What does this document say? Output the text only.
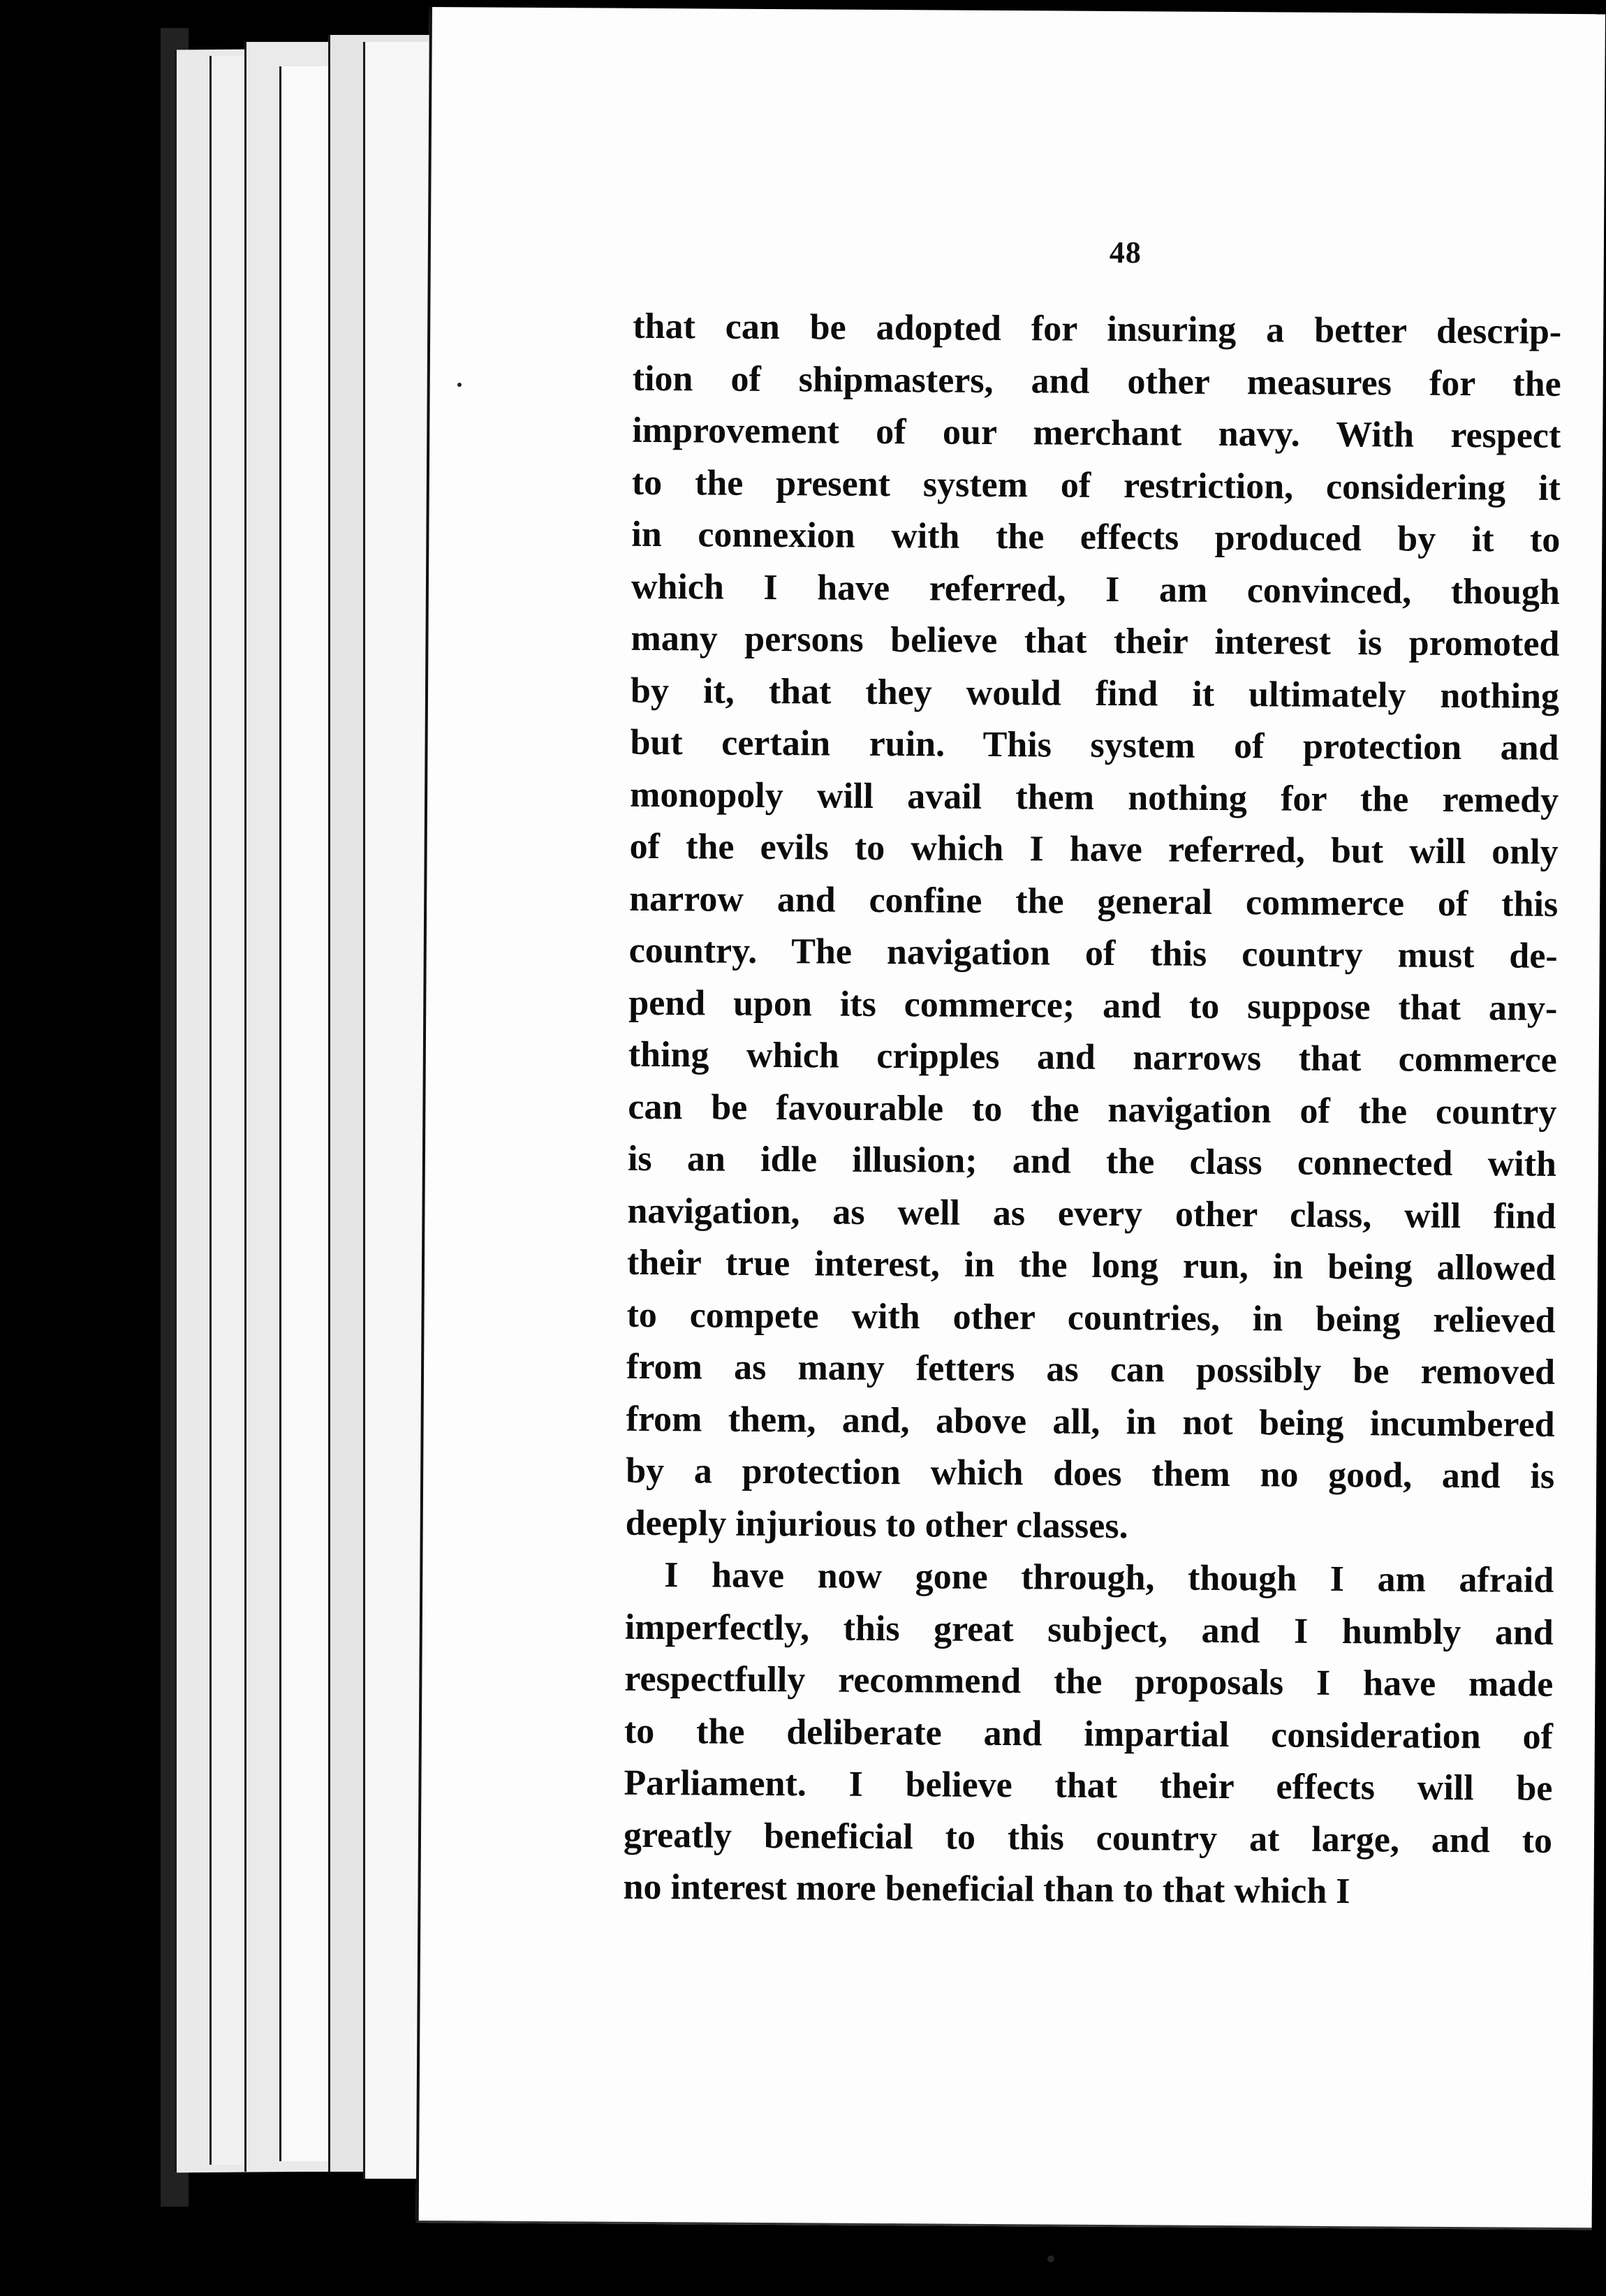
48
that can be adopted for insuring a better descrip-
tion of shipmasters, and other measures for the
improvement of our merchant navy. With respect
to the present system of restriction, considering it
in connexion with the effects produced by it to
which I have referred, I am convinced, though
many persons believe that their interest is promoted
by it, that they would find it ultimately nothing
but certain ruin. This system of protection and
monopoly will avail them nothing for the remedy
of the evils to which I have referred, but will only
narrow and confine the general commerce of this
country. The navigation of this country must de-
pend upon its commerce; and to suppose that any-
thing which cripples and narrows that commerce
can be favourable to the navigation of the country
is an idle illusion; and the class connected with
navigation, as well as every other class, will find
their true interest, in the long run, in being allowed
to compete with other countries, in being relieved
from as many fetters as can possibly be removed
from them, and, above all, in not being incumbered
by a protection which does them no good, and is
deeply injurious to other classes.
I have now gone through, though I am afraid
imperfectly, this great subject, and I humbly and
respectfully recommend the proposals I have made
to the deliberate and impartial consideration of
Parliament. I believe that their effects will be
greatly beneficial to this country at large, and to
no interest more beneficial than to that which I
